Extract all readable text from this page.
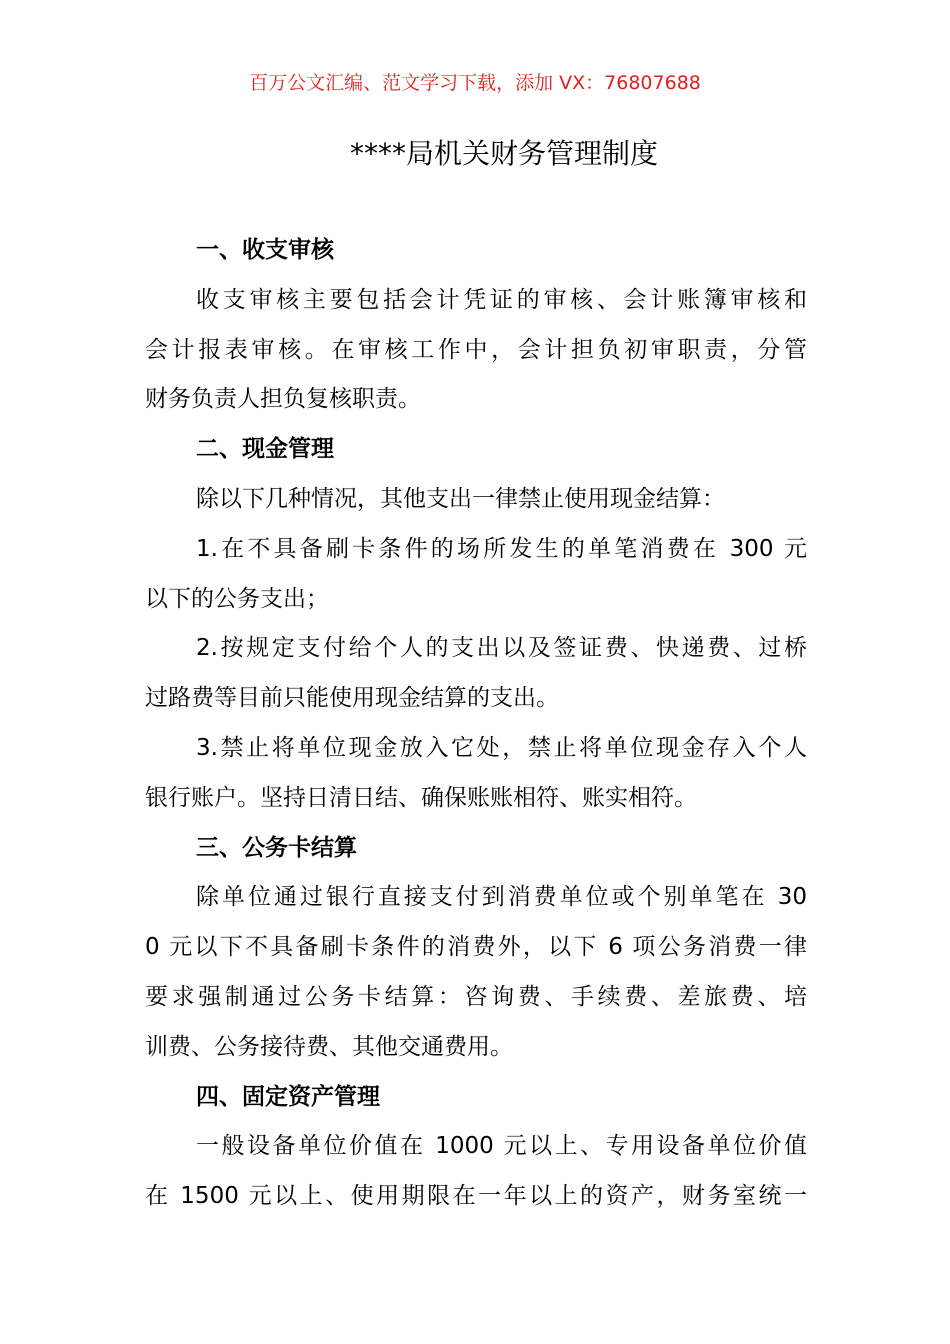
百万公文汇编、范文学习下载，添加 VX：76807688
****局机关财务管理制度
一、收支审核
收支审核主要包括会计凭证的审核、会计账簿审核和
会计报表审核。在审核工作中，会计担负初审职责，分管
财务负责人担负复核职责。
二、现金管理
除以下几种情况，其他支出一律禁止使用现金结算：
1.在不具备刷卡条件的场所发生的单笔消费在 300 元
以下的公务支出；
2.按规定支付给个人的支出以及签证费、快递费、过桥
过路费等目前只能使用现金结算的支出。
3.禁止将单位现金放入它处，禁止将单位现金存入个人
银行账户。坚持日清日结、确保账账相符、账实相符。
三、公务卡结算
除单位通过银行直接支付到消费单位或个别单笔在 30
0 元以下不具备刷卡条件的消费外，以下 6 项公务消费一律
要求强制通过公务卡结算：咨询费、手续费、差旅费、培
训费、公务接待费、其他交通费用。
四、固定资产管理
一般设备单位价值在 1000 元以上、专用设备单位价值
在 1500 元以上、使用期限在一年以上的资产，财务室统一
